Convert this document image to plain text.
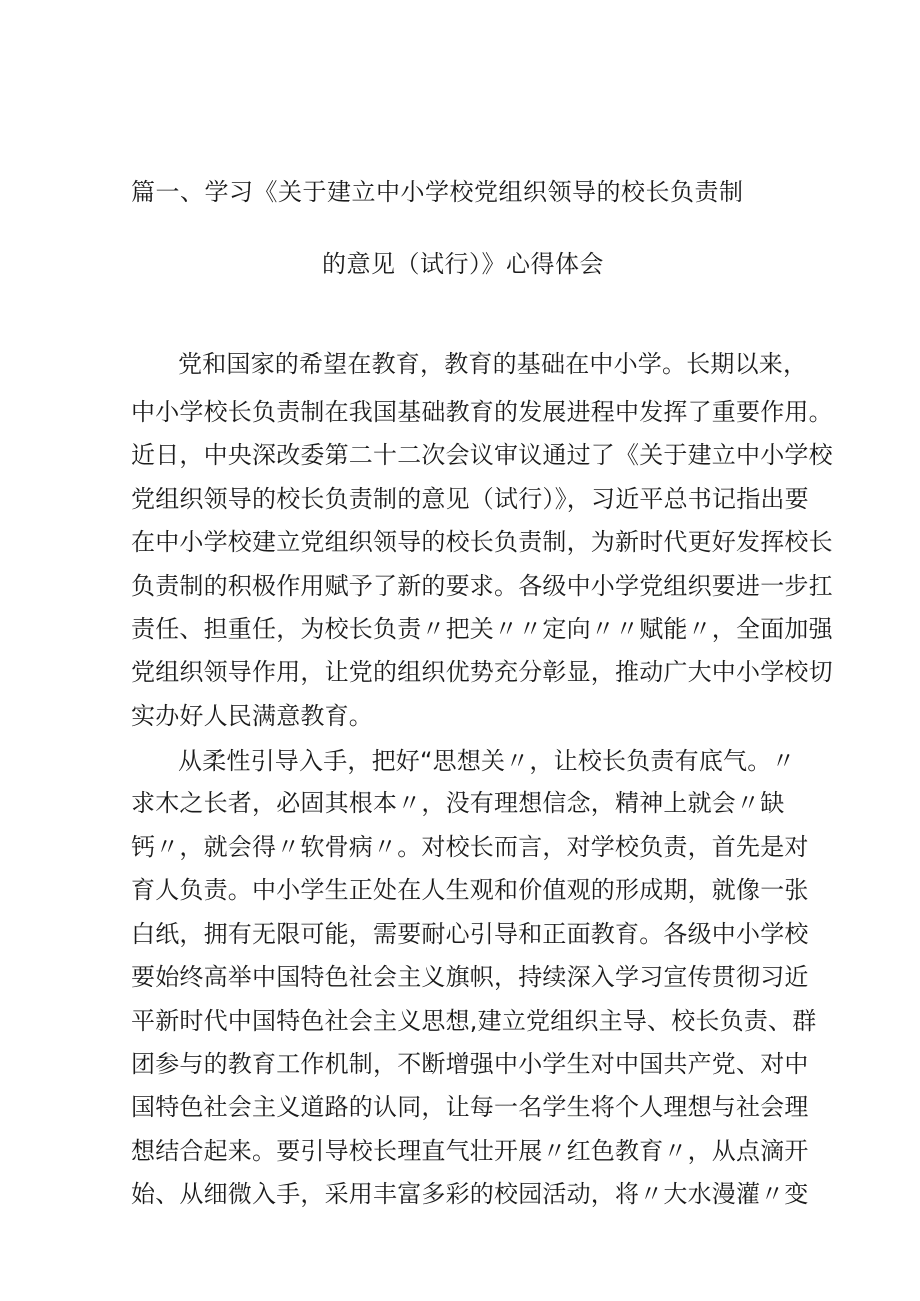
篇一、学习《关于建立中小学校党组织领导的校长负责制
的意见（试行）》心得体会
党和国家的希望在教育，教育的基础在中小学。长期以来，
中小学校长负责制在我国基础教育的发展进程中发挥了重要作用。
近日，中央深改委第二十二次会议审议通过了《关于建立中小学校
党组织领导的校长负责制的意见（试行）》，习近平总书记指出要
在中小学校建立党组织领导的校长负责制，为新时代更好发挥校长
负责制的积极作用赋予了新的要求。各级中小学党组织要进一步扛
责任、担重任，为校长负责〃把关〃〃定向〃〃赋能〃，全面加强
党组织领导作用，让党的组织优势充分彰显，推动广大中小学校切
实办好人民满意教育。
从柔性引导入手，把好“思想关〃，让校长负责有底气。〃
求木之长者，必固其根本〃，没有理想信念，精神上就会〃缺
钙〃，就会得〃软骨病〃。对校长而言，对学校负责，首先是对
育人负责。中小学生正处在人生观和价值观的形成期，就像一张
白纸，拥有无限可能，需要耐心引导和正面教育。各级中小学校
要始终高举中国特色社会主义旗帜，持续深入学习宣传贯彻习近
平新时代中国特色社会主义思想,建立党组织主导、校长负责、群
团参与的教育工作机制，不断增强中小学生对中国共产党、对中
国特色社会主义道路的认同，让每一名学生将个人理想与社会理
想结合起来。要引导校长理直气壮开展〃红色教育〃，从点滴开
始、从细微入手，采用丰富多彩的校园活动，将〃大水漫灌〃变
